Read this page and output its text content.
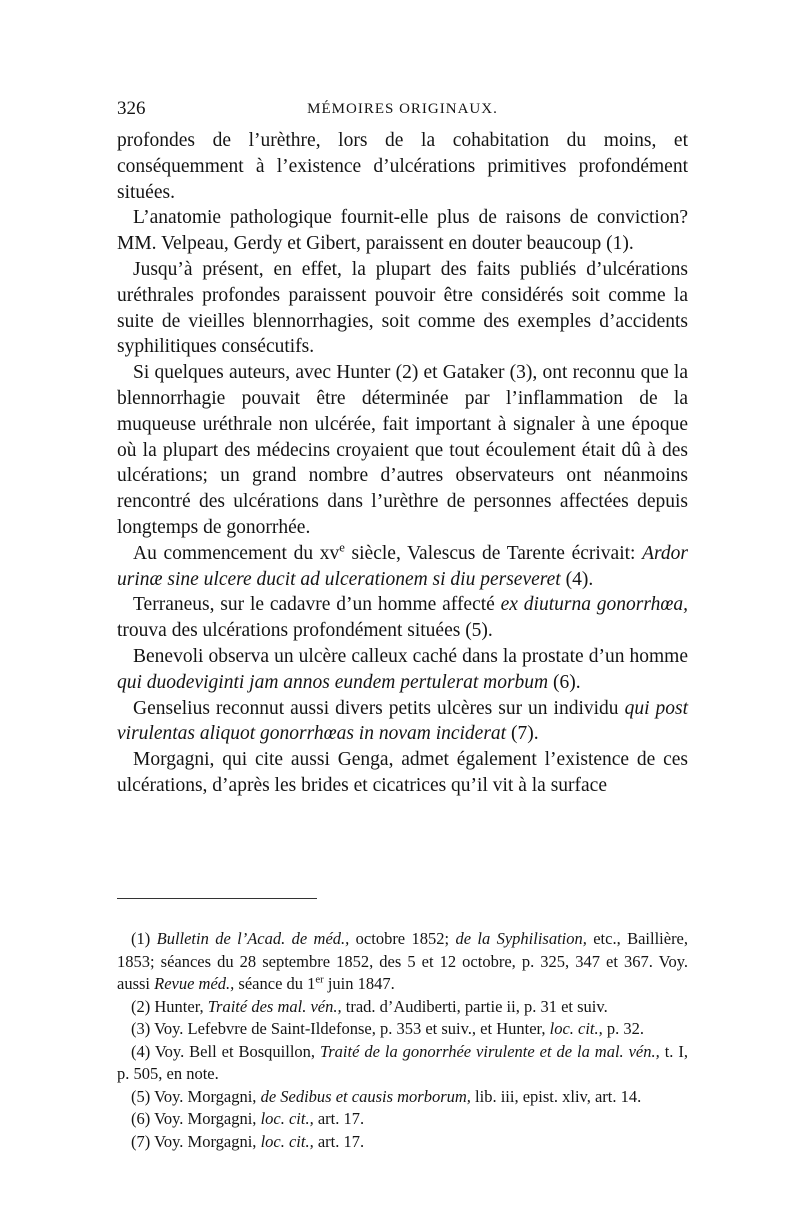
326	MÉMOIRES ORIGINAUX.

profondes de l’urèthre, lors de la cohabitation du moins, et conséquemment à l’existence d’ulcérations primitives profondément situées.

L’anatomie pathologique fournit-elle plus de raisons de conviction? MM. Velpeau, Gerdy et Gibert, paraissent en douter beaucoup (1).

Jusqu’à présent, en effet, la plupart des faits publiés d’ulcérations uréthrales profondes paraissent pouvoir être considérés soit comme la suite de vieilles blennorrhagies, soit comme des exemples d’accidents syphilitiques consécutifs.

Si quelques auteurs, avec Hunter (2) et Gataker (3), ont reconnu que la blennorrhagie pouvait être déterminée par l’inflammation de la muqueuse uréthrale non ulcérée, fait important à signaler à une époque où la plupart des médecins croyaient que tout écoulement était dû à des ulcérations; un grand nombre d’autres observateurs ont néanmoins rencontré des ulcérations dans l’urèthre de personnes affectées depuis longtemps de gonorrhée.

Au commencement du $xv^e$ siècle, Valescus de Tarente écrivait: Ardor urinæ sine ulcere ducit ad ulcerationem si diu perseveret (4).

Terraneus, sur le cadavre d’un homme affecté ex diuturna gonorrhœa, trouva des ulcérations profondément situées (5).

Benevoli observa un ulcère calleux caché dans la prostate d’un homme qui duodeviginti jam annos eundem pertulerat morbum (6).

Genselius reconnut aussi divers petits ulcères sur un individu qui post virulentas aliquot gonorrhœas in novam inciderat (7).

Morgagni, qui cite aussi Genga, admet également l’existence de ces ulcérations, d’après les brides et cicatrices qu’il vit à la surface

(1) Bulletin de l’Acad. de méd., octobre 1852; de la Syphilisation, etc., Baillière, 1853; séances du 28 septembre 1852, des 5 et 12 octobre, p. 325, 347 et 367. Voy. aussi Revue méd., séance du 1er juin 1847.

(2) Hunter, Traité des mal. vén., trad. d’Audiberti, partie ii, p. 31 et suiv.

(3) Voy. Lefebvre de Saint-Ildefonse, p. 353 et suiv., et Hunter, loc. cit., p. 32.

(4) Voy. Bell et Bosquillon, Traité de la gonorrhée virulente et de la mal. vén., t. I, p. 505, en note.

(5) Voy. Morgagni, de Sedibus et causis morborum, lib. iii, epist. xliv, art. 14.

(6) Voy. Morgagni, loc. cit., art. 17.

(7) Voy. Morgagni, loc. cit., art. 17.
